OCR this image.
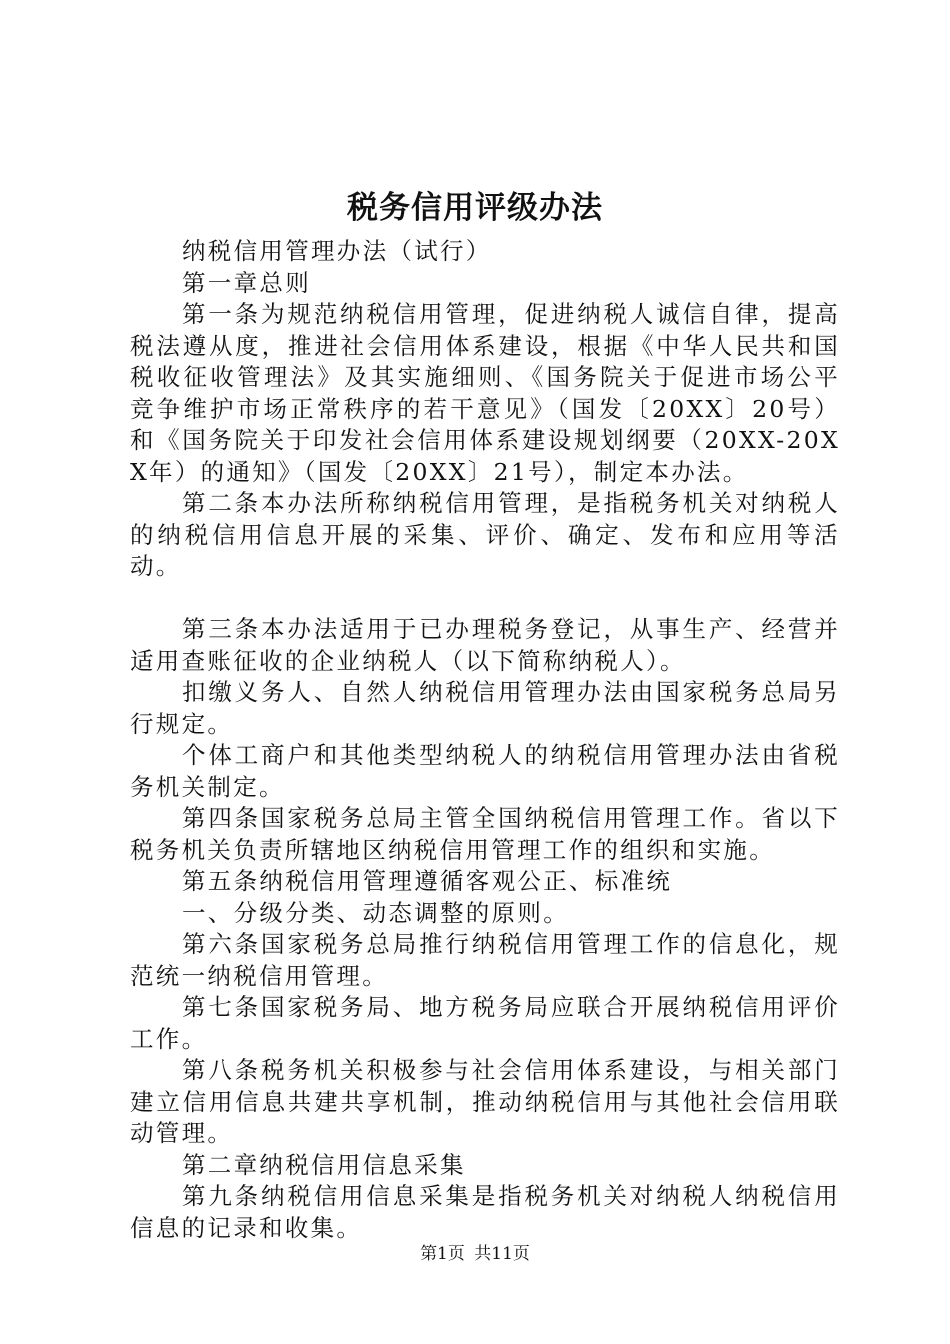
税务信用评级办法

纳税信用管理办法（试行）

第一章总则

第一条为规范纳税信用管理，促进纳税人诚信自律，提高税法遵从度，推进社会信用体系建设，根据《中华人民共和国税收征收管理法》及其实施细则、《国务院关于促进市场公平竞争维护市场正常秩序的若干意见》（国发〔20XX〕20号）和《国务院关于印发社会信用体系建设规划纲要（20XX-20XX年）的通知》（国发〔20XX〕21号），制定本办法。

第二条本办法所称纳税信用管理，是指税务机关对纳税人的纳税信用信息开展的采集、评价、确定、发布和应用等活动。

第三条本办法适用于已办理税务登记，从事生产、经营并适用查账征收的企业纳税人（以下简称纳税人）。

扣缴义务人、自然人纳税信用管理办法由国家税务总局另行规定。

个体工商户和其他类型纳税人的纳税信用管理办法由省税务机关制定。

第四条国家税务总局主管全国纳税信用管理工作。省以下税务机关负责所辖地区纳税信用管理工作的组织和实施。

第五条纳税信用管理遵循客观公正、标准统

一、分级分类、动态调整的原则。

第六条国家税务总局推行纳税信用管理工作的信息化，规范统一纳税信用管理。

第七条国家税务局、地方税务局应联合开展纳税信用评价工作。

第八条税务机关积极参与社会信用体系建设，与相关部门建立信用信息共建共享机制，推动纳税信用与其他社会信用联动管理。

第二章纳税信用信息采集

第九条纳税信用信息采集是指税务机关对纳税人纳税信用信息的记录和收集。

第1页 共11页
